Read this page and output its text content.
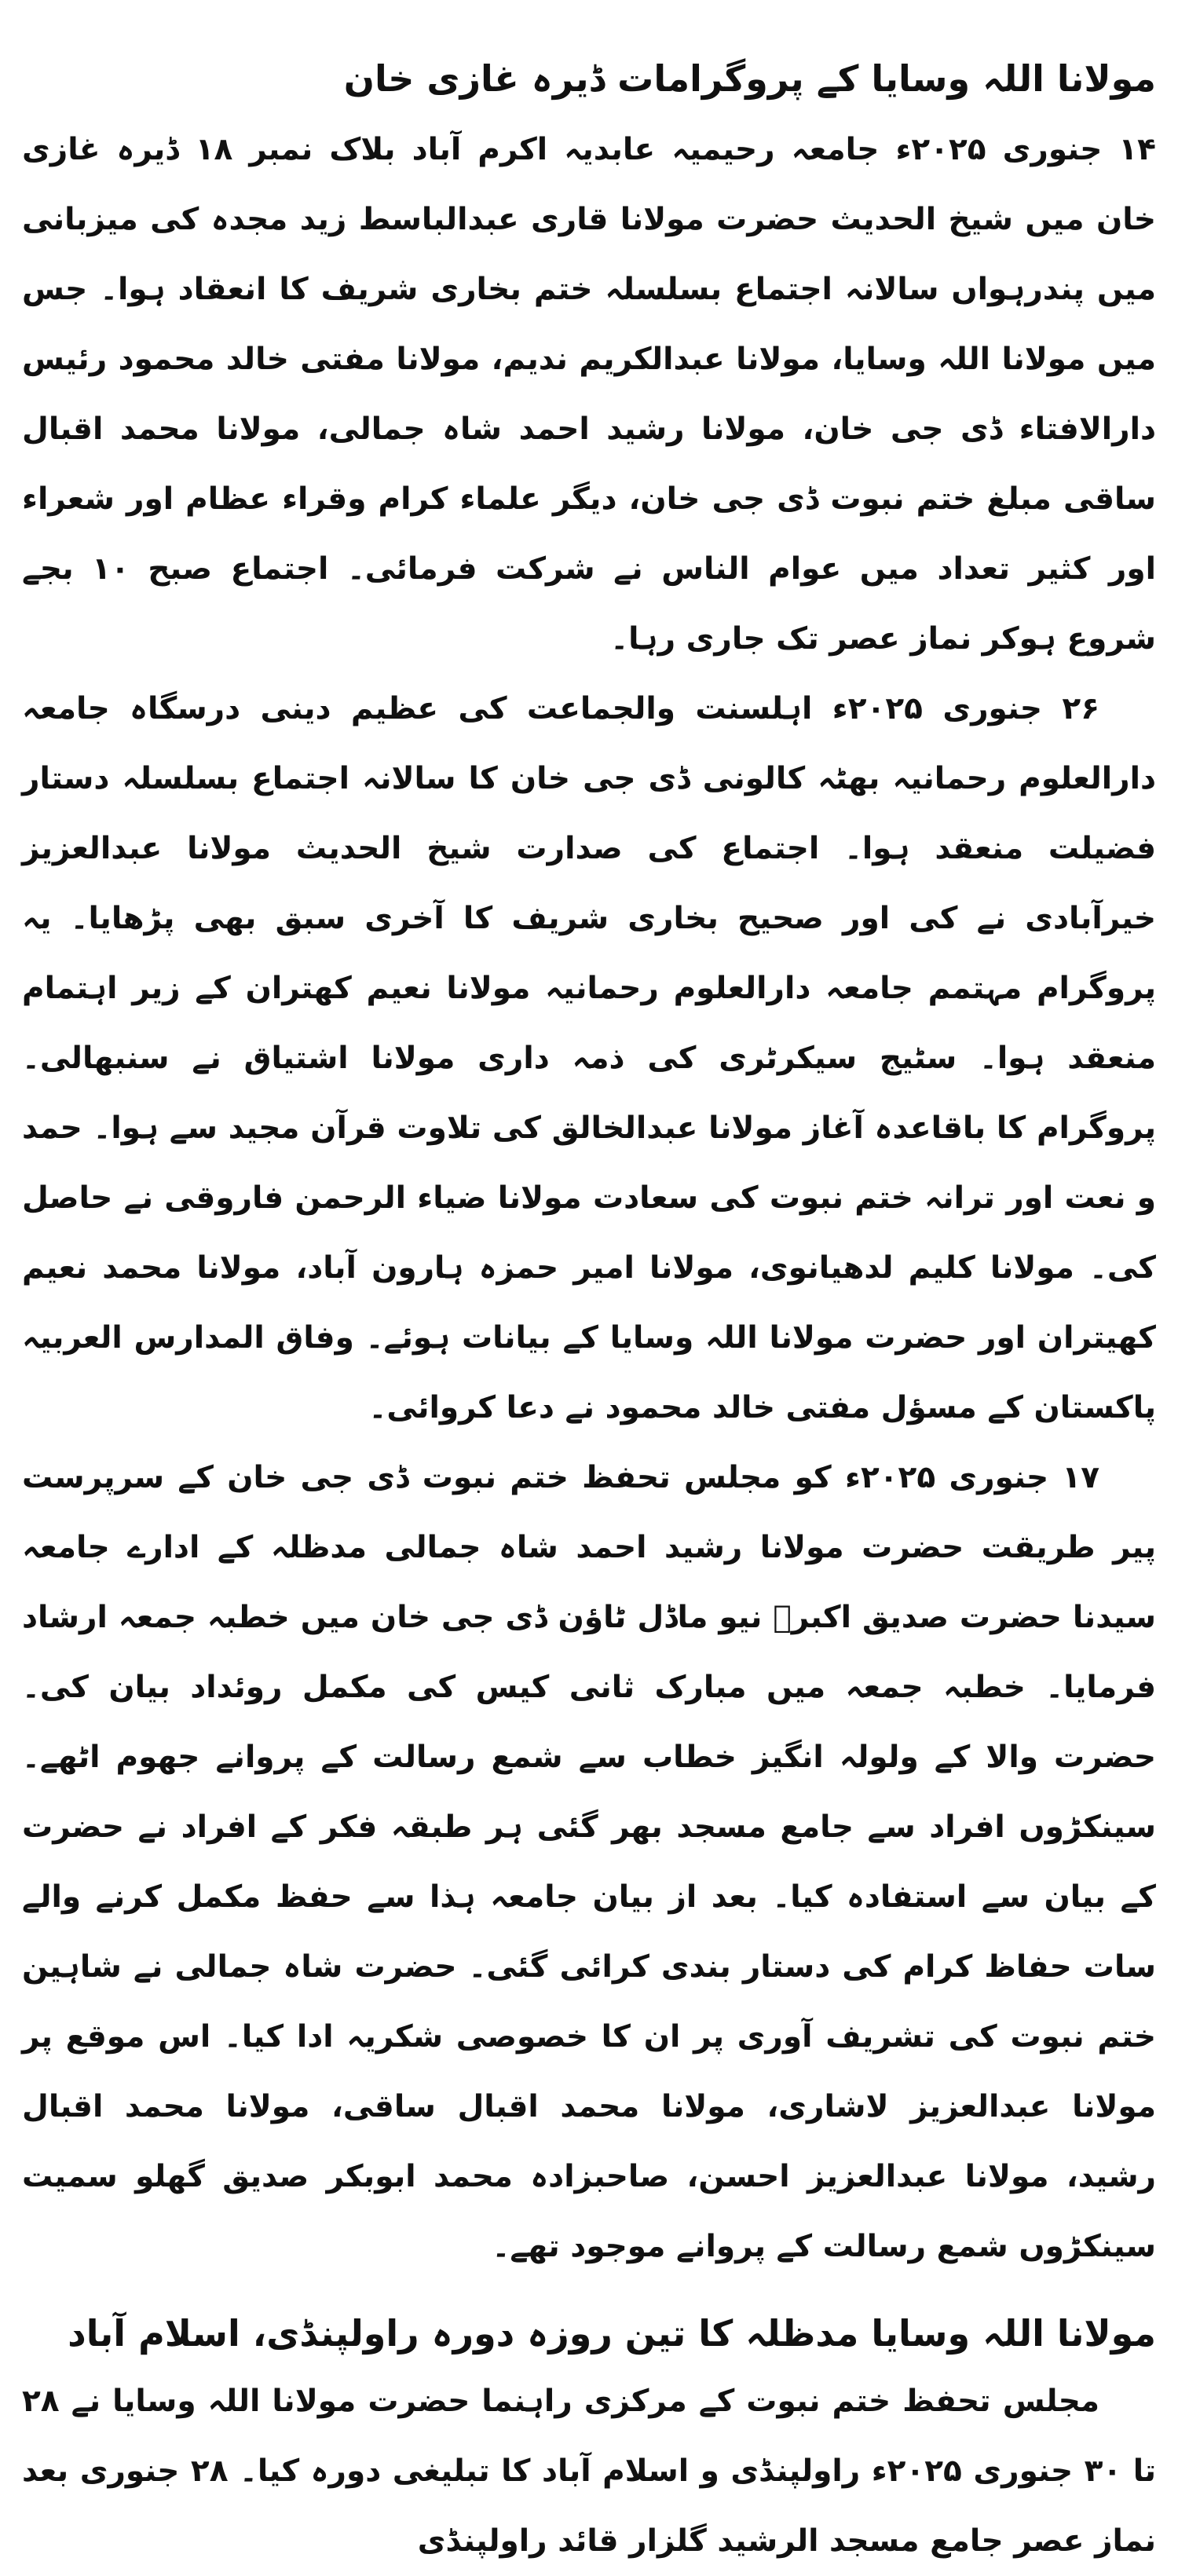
مولانا اللہ وسایا کے پروگرامات ڈیرہ غازی خان

۱۴ جنوری ۲۰۲۵ء جامعہ رحیمیہ عابدیہ اکرم آباد بلاک نمبر ۱۸ ڈیرہ غازی خان میں شیخ الحدیث حضرت مولانا قاری عبدالباسط زید مجدہ کی میزبانی میں پندرہواں سالانہ اجتماع بسلسلہ ختم بخاری شریف کا انعقاد ہوا۔ جس میں مولانا اللہ وسایا، مولانا عبدالکریم ندیم، مولانا مفتی خالد محمود رئیس دارالافتاء ڈی جی خان، مولانا رشید احمد شاہ جمالی، مولانا محمد اقبال ساقی مبلغ ختم نبوت ڈی جی خان، دیگر علماء کرام وقراء عظام اور شعراء اور کثیر تعداد میں عوام الناس نے شرکت فرمائی۔ اجتماع صبح ۱۰ بجے شروع ہوکر نماز عصر تک جاری رہا۔

۲۶ جنوری ۲۰۲۵ء اہلسنت والجماعت کی عظیم دینی درسگاہ جامعہ دارالعلوم رحمانیہ بھٹہ کالونی ڈی جی خان کا سالانہ اجتماع بسلسلہ دستار فضیلت منعقد ہوا۔ اجتماع کی صدارت شیخ الحدیث مولانا عبدالعزیز خیرآبادی نے کی اور صحیح بخاری شریف کا آخری سبق بھی پڑھایا۔ یہ پروگرام مہتمم جامعہ دارالعلوم رحمانیہ مولانا نعیم کھتران کے زیر اہتمام منعقد ہوا۔ سٹیج سیکرٹری کی ذمہ داری مولانا اشتیاق نے سنبھالی۔ پروگرام کا باقاعدہ آغاز مولانا عبدالخالق کی تلاوت قرآن مجید سے ہوا۔ حمد و نعت اور ترانہ ختم نبوت کی سعادت مولانا ضیاء الرحمن فاروقی نے حاصل کی۔ مولانا کلیم لدھیانوی، مولانا امیر حمزہ ہارون آباد، مولانا محمد نعیم کھیتران اور حضرت مولانا اللہ وسایا کے بیانات ہوئے۔ وفاق المدارس العربیہ پاکستان کے مسؤل مفتی خالد محمود نے دعا کروائی۔

۱۷ جنوری ۲۰۲۵ء کو مجلس تحفظ ختم نبوت ڈی جی خان کے سرپرست پیر طریقت حضرت مولانا رشید احمد شاہ جمالی مدظلہ کے ادارے جامعہ سیدنا حضرت صدیق اکبرؓ نیو ماڈل ٹاؤن ڈی جی خان میں خطبہ جمعہ ارشاد فرمایا۔ خطبہ جمعہ میں مبارک ثانی کیس کی مکمل روئداد بیان کی۔ حضرت والا کے ولولہ انگیز خطاب سے شمع رسالت کے پروانے جھوم اٹھے۔ سینکڑوں افراد سے جامع مسجد بھر گئی ہر طبقہ فکر کے افراد نے حضرت کے بیان سے استفادہ کیا۔ بعد از بیان جامعہ ہذا سے حفظ مکمل کرنے والے سات حفاظ کرام کی دستار بندی کرائی گئی۔ حضرت شاہ جمالی نے شاہین ختم نبوت کی تشریف آوری پر ان کا خصوصی شکریہ ادا کیا۔ اس موقع پر مولانا عبدالعزیز لاشاری، مولانا محمد اقبال ساقی، مولانا محمد اقبال رشید، مولانا عبدالعزیز احسن، صاحبزادہ محمد ابوبکر صدیق گھلو سمیت سینکڑوں شمع رسالت کے پروانے موجود تھے۔

مولانا اللہ وسایا مدظلہ کا تین روزہ دورہ راولپنڈی، اسلام آباد

مجلس تحفظ ختم نبوت کے مرکزی راہنما حضرت مولانا اللہ وسایا نے ۲۸ تا ۳۰ جنوری ۲۰۲۵ء راولپنڈی و اسلام آباد کا تبلیغی دورہ کیا۔ ۲۸ جنوری بعد نماز عصر جامع مسجد الرشید گلزار قائد راولپنڈی
